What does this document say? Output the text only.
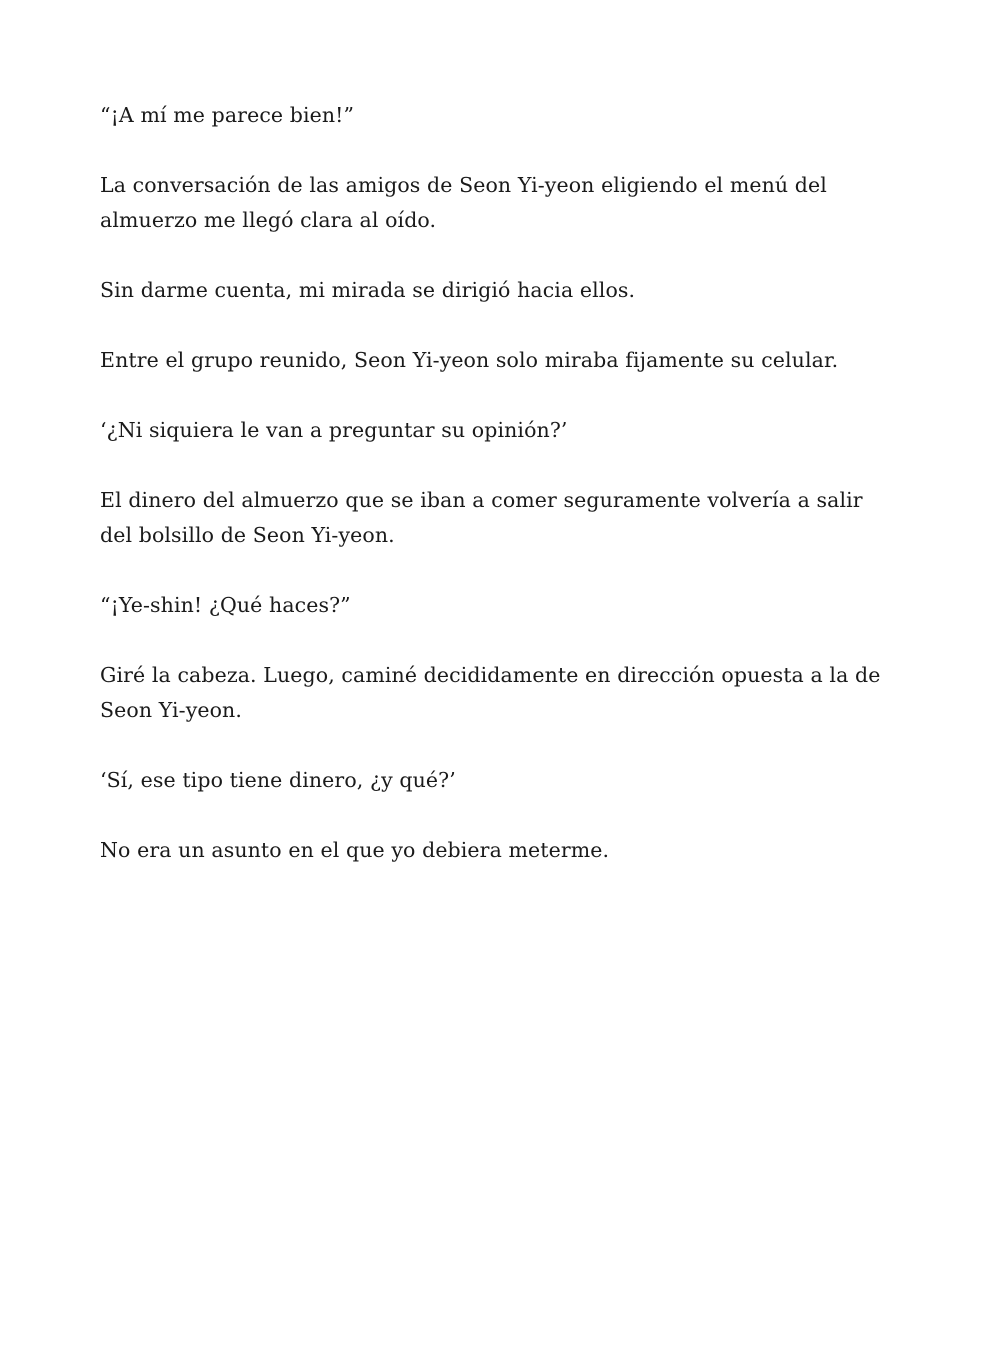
“¡A mí me parece bien!”

La conversación de las amigos de Seon Yi-yeon eligiendo el menú del almuerzo me llegó clara al oído.

Sin darme cuenta, mi mirada se dirigió hacia ellos.

Entre el grupo reunido, Seon Yi-yeon solo miraba fijamente su celular.

‘¿Ni siquiera le van a preguntar su opinión?’

El dinero del almuerzo que se iban a comer seguramente volvería a salir del bolsillo de Seon Yi-yeon.

“¡Ye-shin! ¿Qué haces?”

Giré la cabeza. Luego, caminé decididamente en dirección opuesta a la de Seon Yi-yeon.

‘Sí, ese tipo tiene dinero, ¿y qué?’

No era un asunto en el que yo debiera meterme.
